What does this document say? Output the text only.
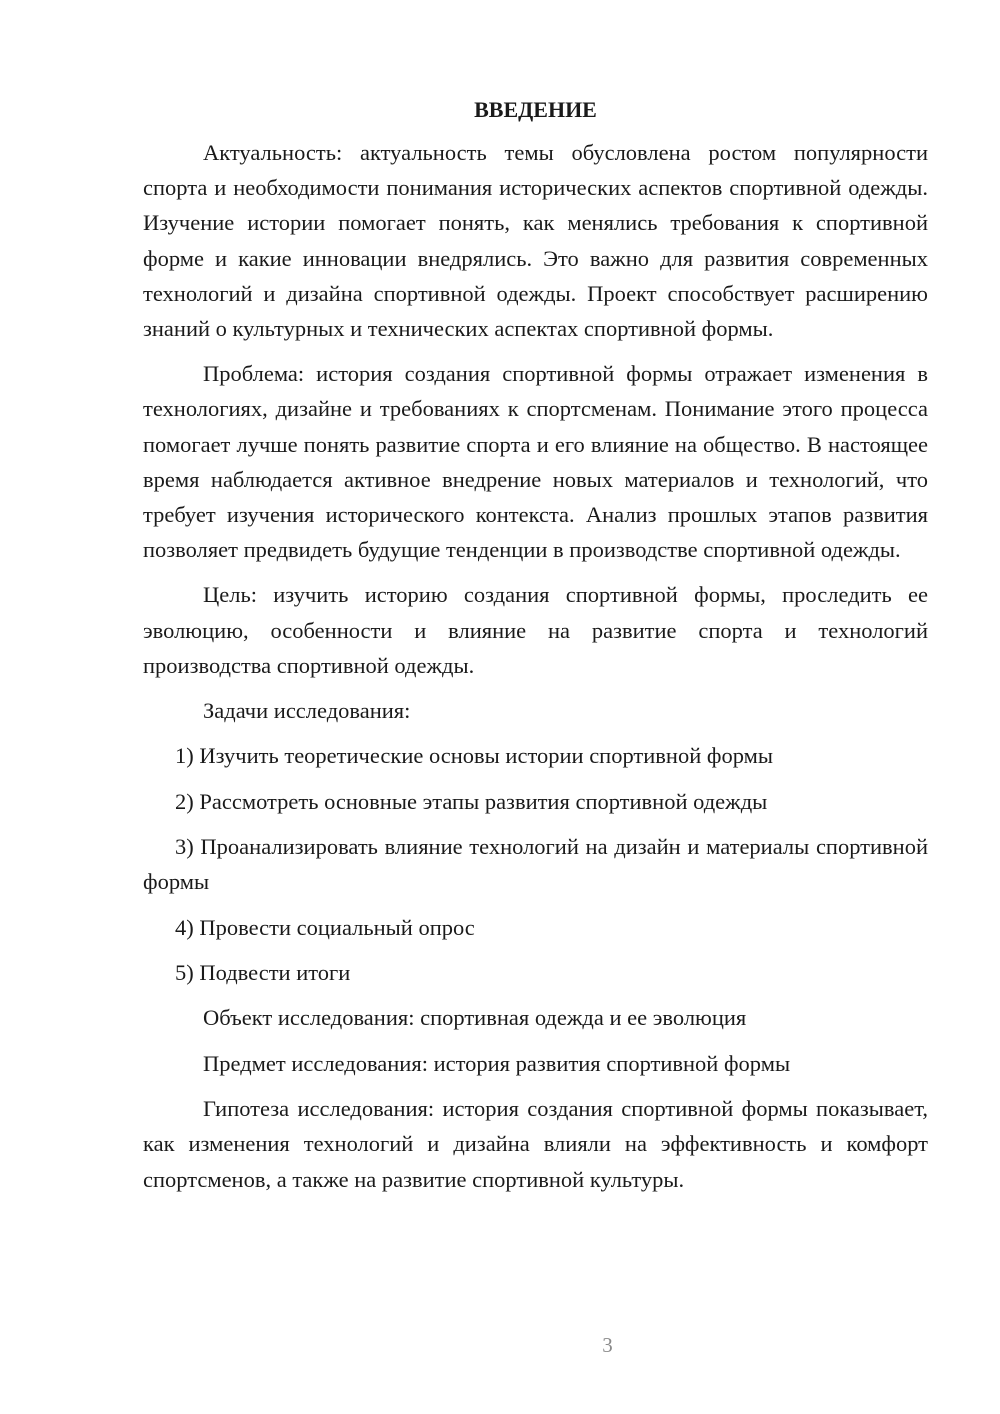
ВВЕДЕНИЕ

Актуальность: актуальность темы обусловлена ростом популярности спорта и необходимости понимания исторических аспектов спортивной одежды. Изучение истории помогает понять, как менялись требования к спортивной форме и какие инновации внедрялись. Это важно для развития современных технологий и дизайна спортивной одежды. Проект способствует расширению знаний о культурных и технических аспектах спортивной формы.

Проблема: история создания спортивной формы отражает изменения в технологиях, дизайне и требованиях к спортсменам. Понимание этого процесса помогает лучше понять развитие спорта и его влияние на общество. В настоящее время наблюдается активное внедрение новых материалов и технологий, что требует изучения исторического контекста. Анализ прошлых этапов развития позволяет предвидеть будущие тенденции в производстве спортивной одежды.

Цель: изучить историю создания спортивной формы, проследить ее эволюцию, особенности и влияние на развитие спорта и технологий производства спортивной одежды.

Задачи исследования:

1) Изучить теоретические основы истории спортивной формы

2) Рассмотреть основные этапы развития спортивной одежды

3) Проанализировать влияние технологий на дизайн и материалы спортивной формы

4) Провести социальный опрос

5) Подвести итоги

Объект исследования: спортивная одежда и ее эволюция

Предмет исследования: история развития спортивной формы

Гипотеза исследования: история создания спортивной формы показывает, как изменения технологий и дизайна влияли на эффективность и комфорт спортсменов, а также на развитие спортивной культуры.

3
